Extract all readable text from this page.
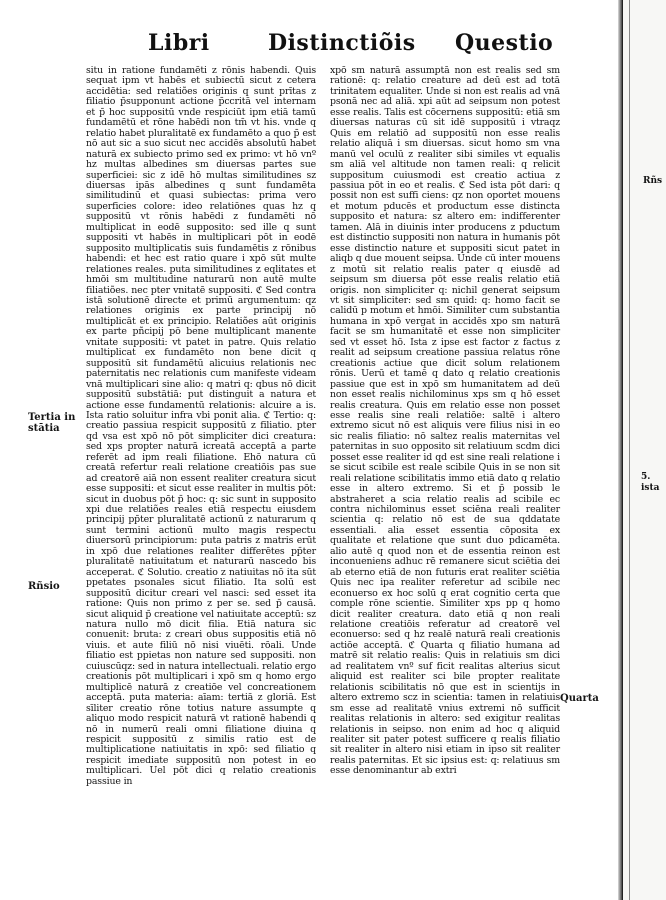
Libri	Distinctiõis Questio
Tertia in stātia
Rñsio
Quarta

situ in ratione fundamēti z rōnis habendi. Quis sequat ipm vt habēs et subiectū sicut z cetera accidētia: sed relatiões originis q sunt prītas z filiatio p̄supponunt actione p̄ccritā vel internam et p̄ hoc suppositū vnde respiciūt ipm etiā tamū fundamētū et rōne habēdi non tm̄ vt his. vnde q relatio habet pluralitatē ex fundamēto a quo p̄ est nō aut sic a suo sicut nec accidēs absolutū habet naturā ex subiecto primo sed ex primo: vt hō vnº hz multas albedines sm diuersas partes sue superficiei: sic z idē hō multas similitudines sz diuersas ipās albedines q sunt fundamēta similitudinū et quasi subiectas: prima vero superficies colore: ideo relatiōnes quas hz q suppositū vt rōnis habēdi z fundamēti nō multiplicat in eodē supposito: sed ille q sunt suppositi vt habēs in multiplicari pōt in eodē supposito multiplicatis suis fundamētis z rōnibus habendi: et hec est ratio quare i xpō sūt multe relationes reales. puta similitudines z eqlitates et hmōi sm multitudine naturarū non autē multe filiatiões. nec pter vnitatē suppositi. ℭ Sed contra istā solutionē directe et primū argumentum: qz relationes originis ex parte principij nō multiplicāt et ex principio. Relatiões aūt originis ex parte pñcipij pō bene multiplicant manente vnitate suppositi: vt patet in patre. Quis relatio multiplicat ex fundamēto non bene dicit q suppositū sit fundamētū alicuius relationis nec paternitatis nec relationis cum manifeste videam vnā multiplicari sine alio: q matri q: qbus nō dicit suppositū substātiā: put distinguit a natura et actione esse fundamentū relationis: alcuire a is. Ista ratio soluitur infra vbi ponit alia. ℭ Tertio: q: creatio passiua respicit suppositū z filiatio. pter qd vsa est xpō nō pōt simpliciter dici creatura: sed xps propter naturā icreatā acceptā a parte referēt ad ipm reali filiatione. Ehō natura cū creatā refertur reali relatione creatiōis pas sue ad creatorē aiā non essent realiter creatura sicut esse suppositi: et sicut esse realiter in multis pōt: sicut in duobus pōt p̄ hoc: q: sic sunt in supposito xpi due relatiões reales etiā respectu eiusdem principij pp̄ter pluralitatē actionū z naturarum q sunt termini actionū multo magis respectu diuersorū principiorum: puta patris z matris erūt in xpō due relationes realiter differētes pp̄ter pluralitatē natiuitatum et naturarū nascedo bis acceperat. ℭ Solutio. creatio z natiuitas nō ita sūt ppetates psonales sicut filiatio. Ita solū est suppositū dicitur creari vel nasci: sed esset ita ratione: Quis non primo z per se. sed p̄ causā. sicut aliquid p̄ creatione vel natiuitate acceptū: sz natura nullo mō dicit filia. Etiā natura sic conuenit: bruta: z creari obus suppositis etiā nō viuis. et aute filiū nō nisi viuēti. rōali. Unde filiatio est ppietas non nature sed suppositi. non cuiuscūqz: sed in natura intellectuali. relatio ergo creationis pōt multiplicari i xpō sm q homo ergo multiplicē naturā z creatiōe vel concreationem acceptā. puta materia: aīam: tertiā z gloriā. Est sīliter creatio rōne totius nature assumpte q aliquo modo respicit naturā vt rationē habendi q nō in numerū reali omni filiatione diuina q respicit suppositū z similis ratio est de multiplicatione natiuitatis in xpō: sed filiatio q respicit imediate suppositū non potest in eo multiplicari. Uel pōt dici q relatio creationis passiue in

xpō sm naturā assumptā non est realis sed sm rationē: q: relatio creature ad deū est ad totā trinitatem equaliter. Unde si non est realis ad vnā psonā nec ad aliā. xpi aūt ad seipsum non potest esse realis. Talis est cōcernens suppositū: etiā sm diuersas naturas cū sit idē suppositū i vtraqz Quis em relatiō ad suppositū non esse realis relatio aliquā i sm diuersas. sicut homo sm vna manū vel oculū z realiter sibi similes vt equalis sm aliā vel altitude non tamen reali: q relicit suppositum cuiusmodi est creatio actiua z passiua pōt in eo et realis. ℭ Sed ista pōt dari: q possit non est suffi ciens: qz non oportet mouens et motum pducēs et productum esse distincta supposito et natura: sz altero em: indifferenter tamen. Alā in diuinis inter producens z pductum est distinctio suppositi non natura in humanis pōt esse distinctio nature et suppositi sicut patet in aliqb q due mouent seipsa. Unde cū inter mouens z motū sit relatio realis pater q eiusdē ad seipsum sm diuersa pōt esse realis relatio etiā origis. non simpliciter q: nichil generat seipsum vt sit simpliciter: sed sm quid: q: homo facit se calidū p motum et hmōi. Similiter cum substantia humana in xpō vergat in accidēs xpo sm naturā facit se sm humanitatē et esse non simpliciter sed vt esset hō. Ista z ipse est factor z factus z realit ad seipsum creatione passiua relatus rōne creationis actiue que dicit solum relationem rōnis. Uerū et tamē q dato q relatio creationis passiue que est in xpō sm humanitatem ad deū non esset realis nichilominus xps sm q hō esset realis creatura. Quis em relatio esse non posset esse realis sine reali relatiōe: saltē i altero extremo sicut nō est aliquis vere filius nisi in eo sic realis filiatio: nō saltez realis maternitas vel paternitas in suo opposito sit relatiuum scdm dici posset esse realiter id qd est sine reali relatione i se sicut scibile est reale scibile Quis in se non sit reali relatione scibilitatis immo etiā dato q relatio esse in altero extremo. Si et p̄ possib le abstraheret a scia relatio realis ad scibile ec contra nichilominus esset sciēna reali realiter scientia q: relatio nō est de sua qddatate essentiali. alia esset essentia cōposita ex qualitate et relatione que sunt duo pdicamēta. alio autē q quod non et de essentia reinon est inconueniens adhuc rē remanere sicut sciētia dei ab eterno etiā de non futuris erat realiter sciētia Quis nec ipa realiter referetur ad scibile nec econuerso ex hoc solū q erat cognitio certa que comple rōne scientie. Similiter xps pp q homo dicit realiter creatura. dato etiā q non reali relatione creatiōis referatur ad creatorē vel econuerso: sed q hz realē naturā reali creationis actiōe acceptā. ℭ Quarta q filiatio humana ad matrē sit relatio realis: Quis in relatiuis sm dici ad realitatem vnº suf ficit realitas alterius sicut aliquid est realiter sci bile propter realitate relationis scibilitatis nō que est in scientijs in altero extremo scz in scientia: tamen in relatiuis sm esse ad realitatē vnius extremi nō sufficit realitas relationis in altero: sed exigitur realitas relationis in seipso. non enim ad hoc q aliquid realiter sit pater potest sufficere q realis filiatio sit realiter in altero nisi etiam in ipso sit realiter realis paternitas. Et sic ipsius est: q: relatiuus sm esse denominantur ab extri

Rñs
5. ista
